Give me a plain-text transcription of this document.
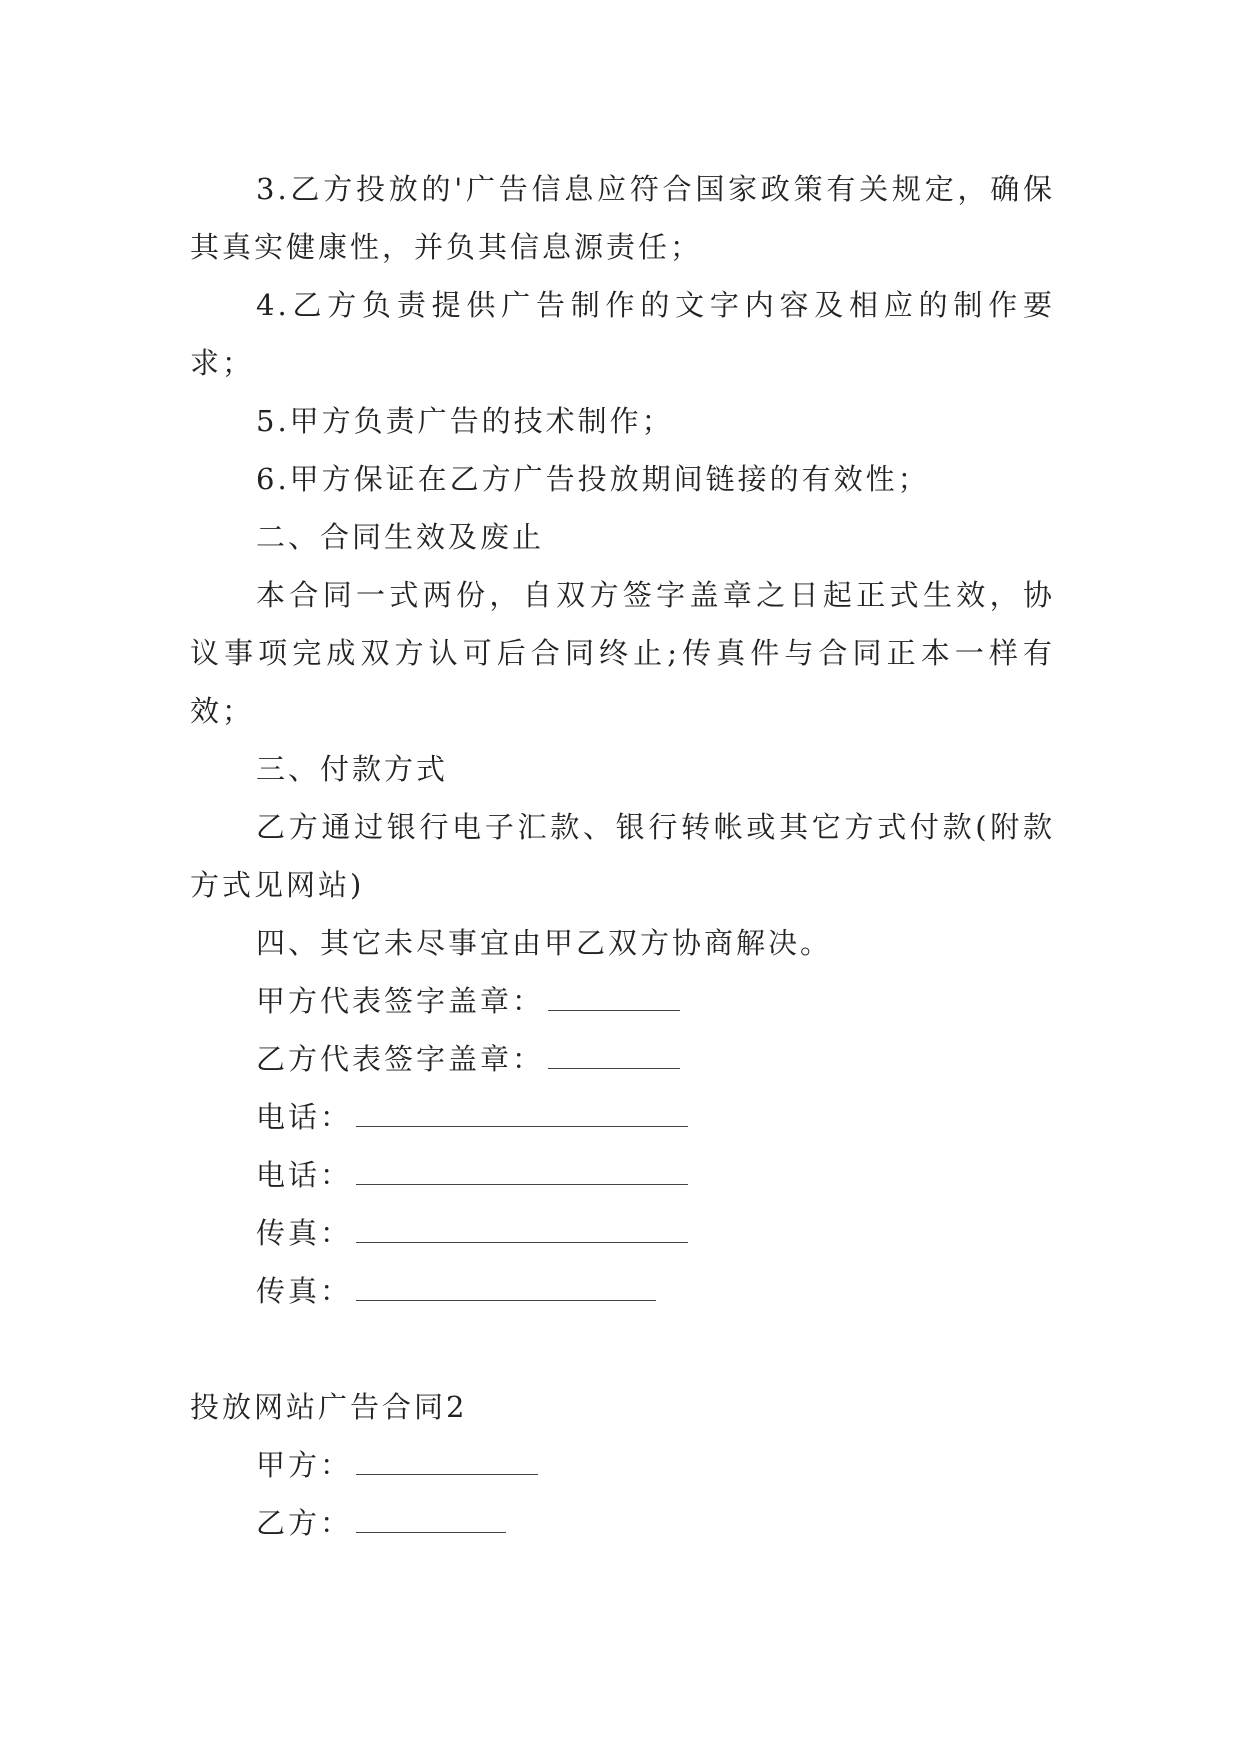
3.乙方投放的'广告信息应符合国家政策有关规定，确保其真实健康性，并负其信息源责任；

4.乙方负责提供广告制作的文字内容及相应的制作要求；

5.甲方负责广告的技术制作；

6.甲方保证在乙方广告投放期间链接的有效性；

二、合同生效及废止

本合同一式两份，自双方签字盖章之日起正式生效，协议事项完成双方认可后合同终止;传真件与合同正本一样有效；

三、付款方式

乙方通过银行电子汇款、银行转帐或其它方式付款(附款方式见网站)

四、其它未尽事宜由甲乙双方协商解决。

甲方代表签字盖章：

乙方代表签字盖章：

电话：

电话：

传真：

传真：

投放网站广告合同2

甲方：

乙方：
